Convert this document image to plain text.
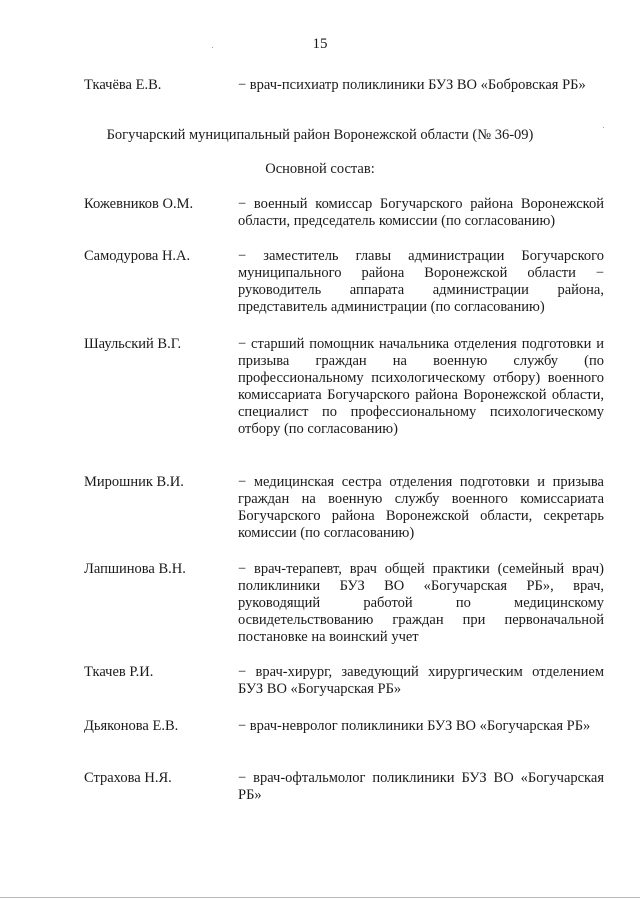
15
Ткачёва Е.В.	− врач-психиатр поликлиники БУЗ ВО «Бобровская РБ»
Богучарский муниципальный район Воронежской области (№ 36-09)
Основной состав:
Кожевников О.М.	− военный комиссар Богучарского района Воронежской области, председатель комиссии (по согласованию)
Самодурова Н.А.	− заместитель главы администрации Богучарского муниципального района Воронежской области − руководитель аппарата администрации района, представитель администрации (по согласованию)
Шаульский В.Г.	− старший помощник начальника отделения подготовки и призыва граждан на военную службу (по профессиональному психологическому отбору) военного комиссариата Богучарского района Воронежской области, специалист по профессиональному психологическому отбору (по согласованию)
Мирошник В.И.	− медицинская сестра отделения подготовки и призыва граждан на военную службу военного комиссариата Богучарского района Воронежской области, секретарь комиссии (по согласованию)
Лапшинова В.Н.	− врач-терапевт, врач общей практики (семейный врач) поликлиники БУЗ ВО «Богучарская РБ», врач, руководящий работой по медицинскому освидетельствованию граждан при первоначальной постановке на воинский учет
Ткачев Р.И.	− врач-хирург, заведующий хирургическим отделением БУЗ ВО «Богучарская РБ»
Дьяконова Е.В.	− врач-невролог поликлиники БУЗ ВО «Богучарская РБ»
Страхова Н.Я.	− врач-офтальмолог поликлиники БУЗ ВО «Богучарская РБ»
